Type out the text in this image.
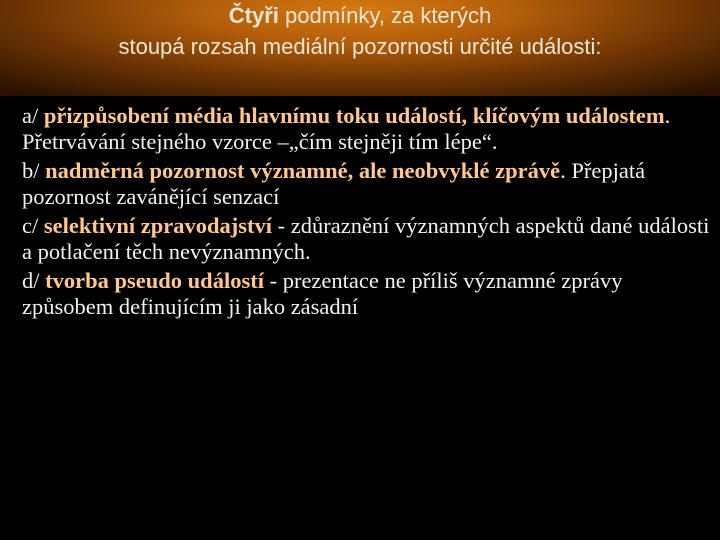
Čtyři podmínky, za kterých
stoupá rozsah mediální pozornosti určité události:
a/ přizpůsobení média hlavnímu toku událostí, klíčovým událostem. Přetrvávání stejného vzorce –„čím stejněji tím lépe“.
b/ nadměrná pozornost významné, ale neobvyklé zprávě. Přepjatá pozornost zavánějící senzací
c/ selektivní zpravodajství - zdůraznění významných aspektů dané události a potlačení těch nevýznamných.
d/ tvorba pseudo událostí - prezentace ne příliš významné zprávy způsobem definujícím ji jako zásadní
